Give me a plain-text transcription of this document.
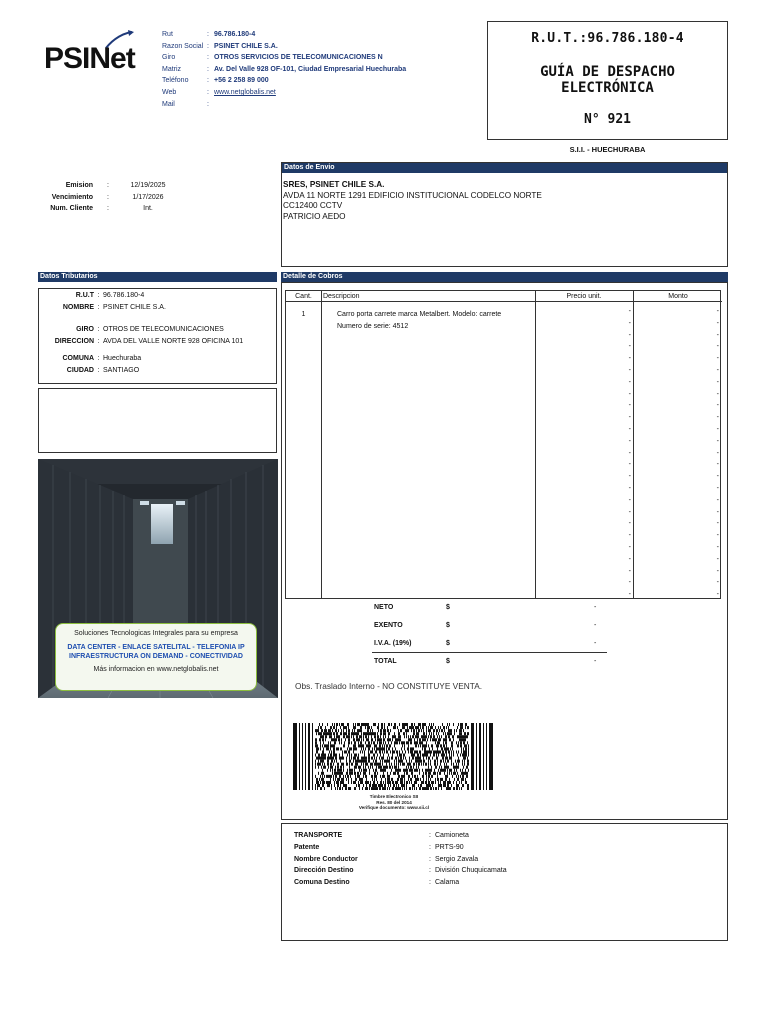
PSINet
Rut	: 96.786.180-4
Razon Social : PSINET CHILE S.A.
Giro	: OTROS SERVICIOS DE TELECOMUNICACIONES N
Matriz	: Av. Del Valle 928 OF-101, Ciudad Empresarial Huechuraba
Teléfono	: +56 2 258 89 000
Web	: www.netglobalis.net
Mail	:
R.U.T.:96.786.180-4
GUÍA DE DESPACHO
ELECTRÓNICA
N° 921
S.I.I. - HUECHURABA
Emision	:	12/19/2025
Vencimiento	:	1/17/2026
Num. Cliente	:	Int.
Datos de Envio
SRES, PSINET CHILE S.A.
AVDA 11 NORTE 1291 EDIFICIO INSTITUCIONAL CODELCO NORTE
CC12400 CCTV
PATRICIO AEDO
Datos Tributarios
R.U.T : 96.786.180-4
NOMBRE : PSINET CHILE S.A.
GIRO : OTROS DE TELECOMUNICACIONES
DIRECCION : AVDA DEL VALLE NORTE 928 OFICINA 101
COMUNA : Huechuraba
CIUDAD : SANTIAGO
Soluciones Tecnologicas Integrales para su empresa
DATA CENTER - ENLACE SATELITAL - TELEFONIA IP
INFRAESTRUCTURA ON DEMAND - CONECTIVIDAD
Más informacion en www.netglobalis.net
Detalle de Cobros
Cant.	Descripcion	Precio unit.	Monto
1	Carro porta carrete marca Metalbert. Modelo: carrete
Numero de serie: 4512
-	-
-	-
-	-
-	-
-	-
-	-
-	-
-	-
-	-
-	-
-	-
-	-
-	-
-	-
-	-
-	-
-	-
-	-
-	-
-	-
-	-
-	-
-	-
-	-
-	-
NETO	$	-
EXENTO	$	-
I.V.A. (19%)	$	-
TOTAL	$	-
Obs. Traslado Interno - NO CONSTITUYE VENTA.
Timbre Electronico SII
Res. 80 del 2014
Verifique documento: www.sii.cl
TRANSPORTE	: Camioneta
Patente	: PRTS-90
Nombre Conductor	: Sergio Zavala
Dirección Destino	: División Chuquicamata
Comuna Destino	: Calama
